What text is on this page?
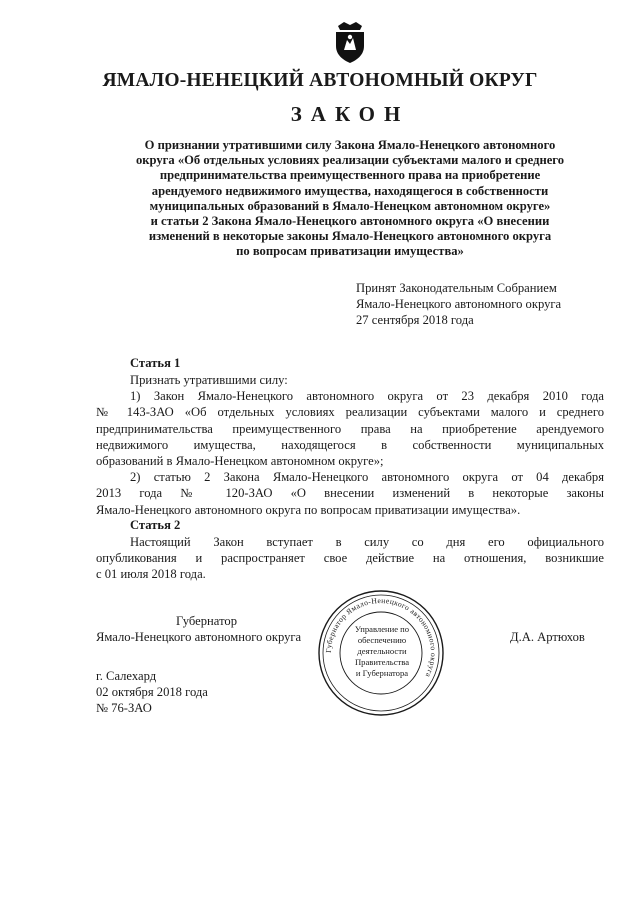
ЯМАЛО-НЕНЕЦКИЙ АВТОНОМНЫЙ ОКРУГ
ЗАКОН
О признании утратившими силу Закона Ямало-Ненецкого автономного
округа «Об отдельных условиях реализации субъектами малого и среднего
предпринимательства преимущественного права на приобретение
арендуемого недвижимого имущества, находящегося в собственности
муниципальных образований в Ямало-Ненецком автономном округе»
и статьи 2 Закона Ямало-Ненецкого автономного округа «О внесении
изменений в некоторые законы Ямало-Ненецкого автономного округа
по вопросам приватизации имущества»
Принят Законодательным Собранием
Ямало-Ненецкого автономного округа
27 сентября 2018 года
Статья 1
Признать утратившими силу:
1) Закон Ямало-Ненецкого автономного округа от 23 декабря 2010 года
№ 143-ЗАО «Об отдельных условиях реализации субъектами малого и среднего
предпринимательства преимущественного права на приобретение арендуемого
недвижимого имущества, находящегося в собственности муниципальных
образований в Ямало-Ненецком автономном округе»;
2) статью 2 Закона Ямало-Ненецкого автономного округа от 04 декабря
2013 года № 120-ЗАО «О внесении изменений в некоторые законы
Ямало-Ненецкого автономного округа по вопросам приватизации имущества».
Статья 2
Настоящий Закон вступает в силу со дня его официального
опубликования и распространяет свое действие на отношения, возникшие
с 01 июля 2018 года.
Губернатор
Ямало-Ненецкого автономного округа	Д.А. Артюхов
Губернатор Ямало-Ненецкого автономного округа
Управление по
обеспечению
деятельности
Правительства
и Губернатора
г. Салехард
02 октября 2018 года
№ 76-ЗАО
